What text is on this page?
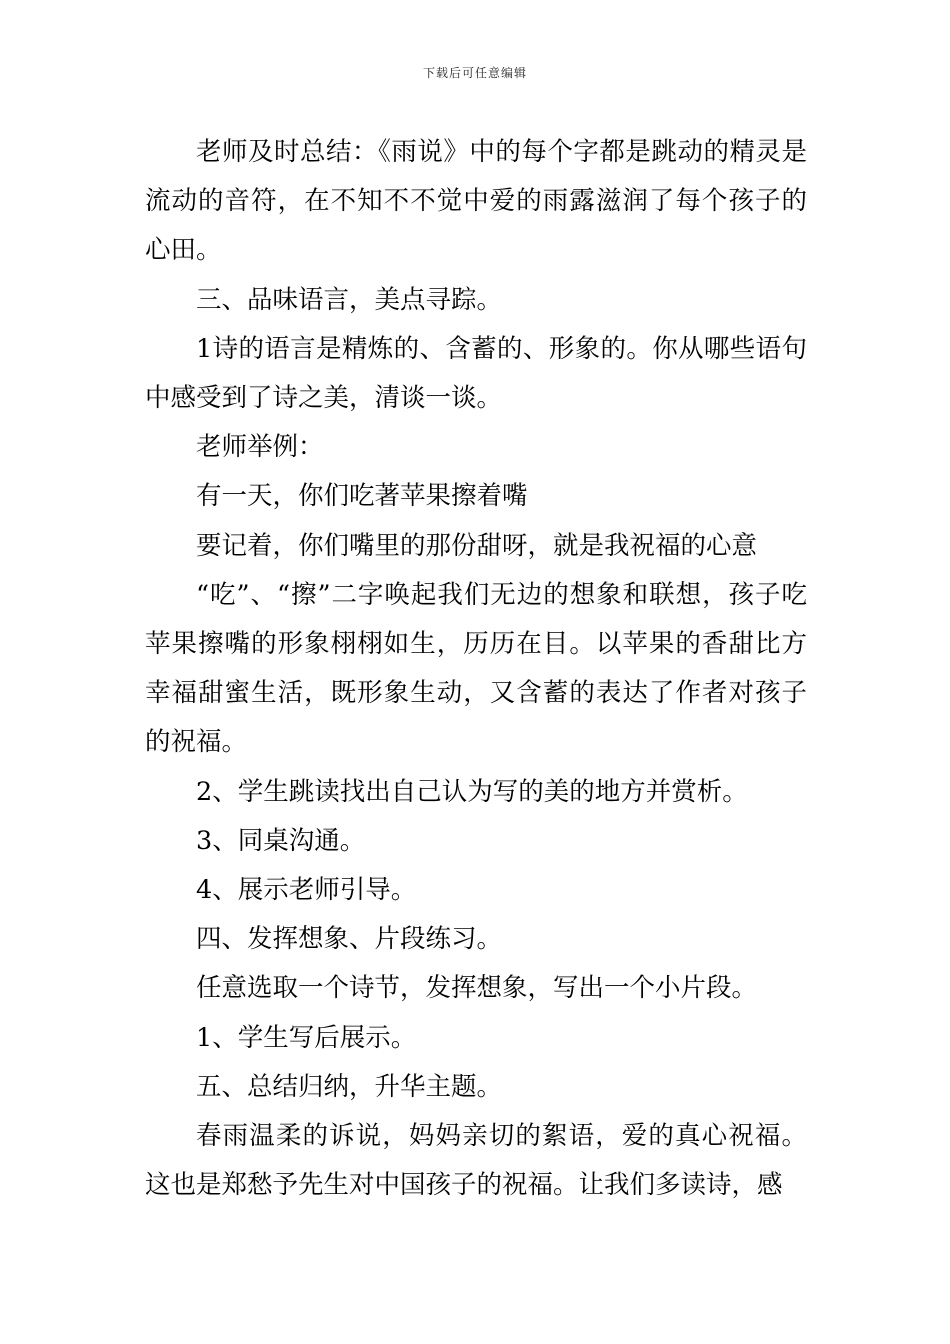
下载后可任意编辑

老师及时总结：《雨说》中的每个字都是跳动的精灵是流动的音符，在不知不不觉中爱的雨露滋润了每个孩子的心田。

三、品味语言，美点寻踪。

1诗的语言是精炼的、含蓄的、形象的。你从哪些语句中感受到了诗之美，清谈一谈。

老师举例：

有一天，你们吃著苹果擦着嘴

要记着，你们嘴里的那份甜呀，就是我祝福的心意

“吃”、“擦”二字唤起我们无边的想象和联想，孩子吃苹果擦嘴的形象栩栩如生，历历在目。以苹果的香甜比方幸福甜蜜生活，既形象生动，又含蓄的表达了作者对孩子的祝福。

2、学生跳读找出自己认为写的美的地方并赏析。

3、同桌沟通。

4、展示老师引导。

四、发挥想象、片段练习。

任意选取一个诗节，发挥想象，写出一个小片段。

1、学生写后展示。

五、总结归纳，升华主题。

春雨温柔的诉说，妈妈亲切的絮语，爱的真心祝福。这也是郑愁予先生对中国孩子的祝福。让我们多读诗，感
